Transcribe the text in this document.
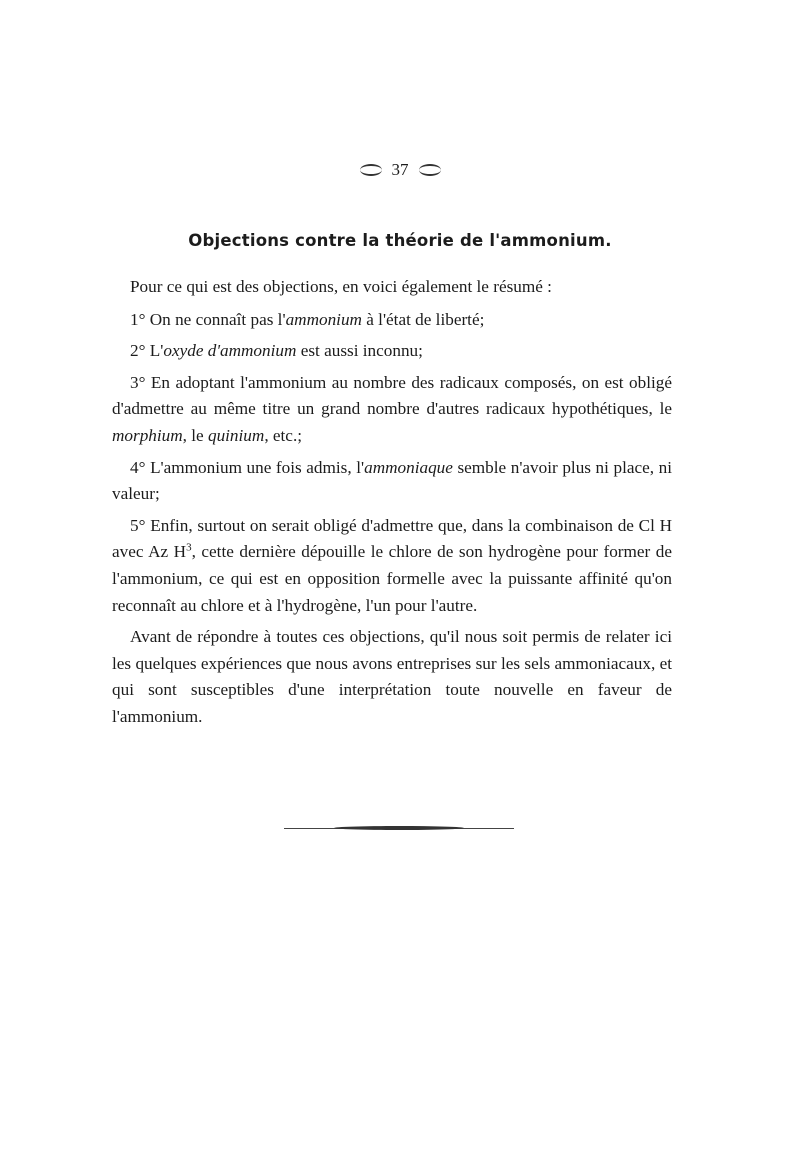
37
Objections contre la théorie de l'ammonium.

Pour ce qui est des objections, en voici également le résumé :

1° On ne connaît pas l'ammonium à l'état de liberté;

2° L'oxyde d'ammonium est aussi inconnu;

3° En adoptant l'ammonium au nombre des radicaux composés, on est obligé d'admettre au même titre un grand nombre d'autres radicaux hypothétiques, le morphium, le quinium, etc.;

4° L'ammonium une fois admis, l'ammoniaque semble n'avoir plus ni place, ni valeur;

5° Enfin, surtout on serait obligé d'admettre que, dans la combinaison de Cl H avec Az $H^3$, cette dernière dépouille le chlore de son hydrogène pour former de l'ammonium, ce qui est en opposition formelle avec la puissante affinité qu'on reconnaît au chlore et à l'hydrogène, l'un pour l'autre.

Avant de répondre à toutes ces objections, qu'il nous soit permis de relater ici les quelques expériences que nous avons entreprises sur les sels ammoniacaux, et qui sont susceptibles d'une interprétation toute nouvelle en faveur de l'ammonium.
